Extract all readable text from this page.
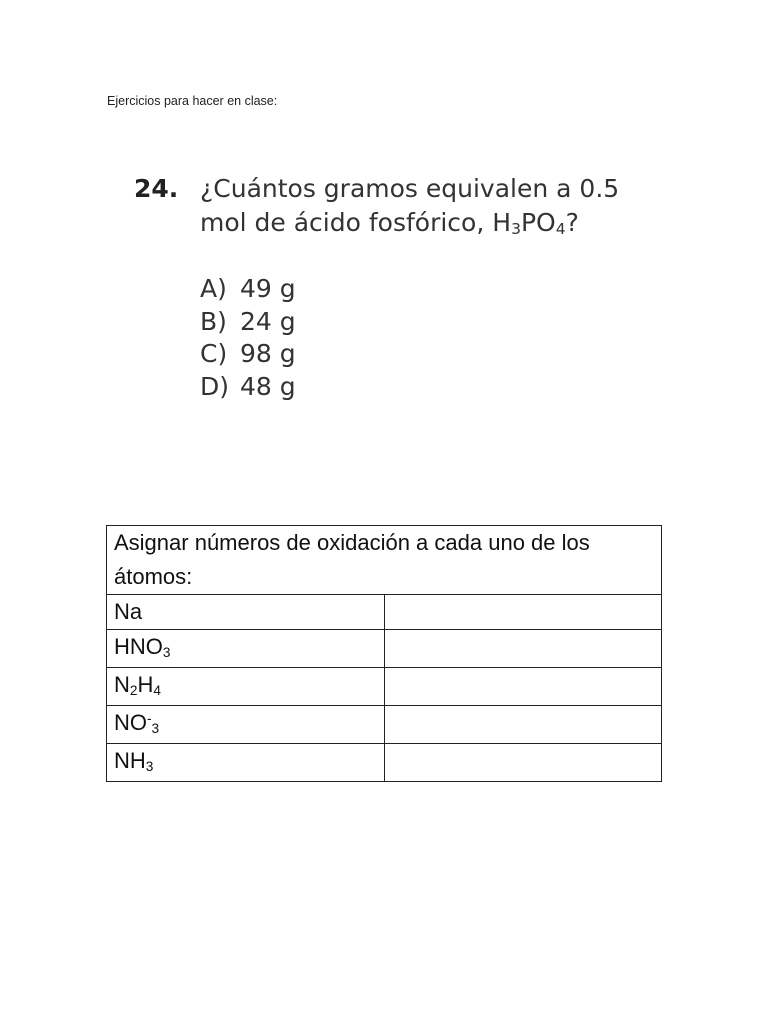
Ejercicios para hacer en clase:
24. ¿Cuántos gramos equivalen a 0.5
mol de ácido fosfórico, $H_3PO_4$?
A) 49 g
B) 24 g
C) 98 g
D) 48 g
Asignar números de oxidación a cada uno de los átomos:	
Na	
$HNO_3$	
$N_2H_4$	
$NO^-_3$	
$NH_3$	
